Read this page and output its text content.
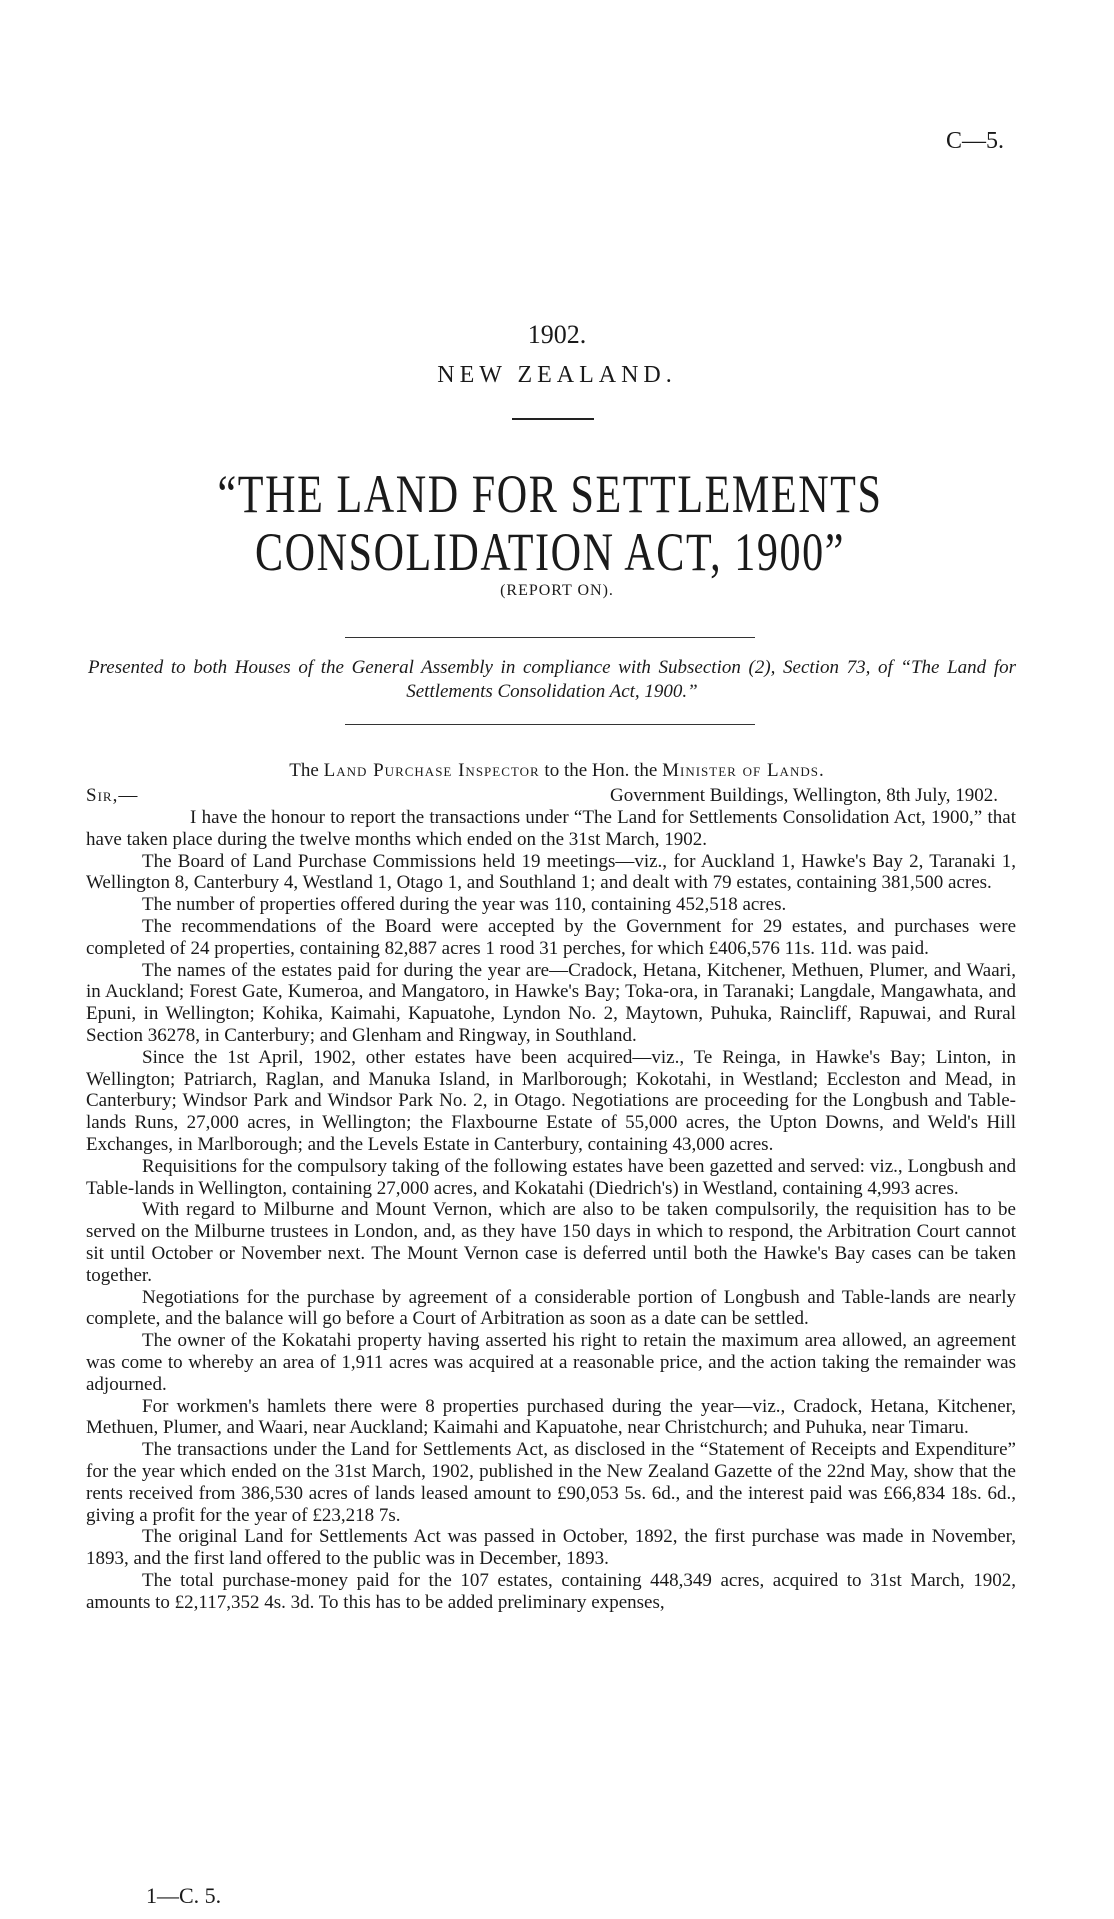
C—5.
1902.
NEW ZEALAND.
“THE LAND FOR SETTLEMENTS CONSOLIDATION ACT, 1900”
(REPORT ON).
Presented to both Houses of the General Assembly in compliance with Subsection (2), Section 73, of “The Land for Settlements Consolidation Act, 1900.”
The Land Purchase Inspector to the Hon. the Minister of Lands.
Sir,—	Government Buildings, Wellington, 8th July, 1902.

I have the honour to report the transactions under “The Land for Settlements Consolidation Act, 1900,” that have taken place during the twelve months which ended on the 31st March, 1902.

The Board of Land Purchase Commissions held 19 meetings—viz., for Auckland 1, Hawke's Bay 2, Taranaki 1, Wellington 8, Canterbury 4, Westland 1, Otago 1, and Southland 1; and dealt with 79 estates, containing 381,500 acres.

The number of properties offered during the year was 110, containing 452,518 acres.

The recommendations of the Board were accepted by the Government for 29 estates, and purchases were completed of 24 properties, containing 82,887 acres 1 rood 31 perches, for which £406,576 11s. 11d. was paid.

The names of the estates paid for during the year are—Cradock, Hetana, Kitchener, Methuen, Plumer, and Waari, in Auckland; Forest Gate, Kumeroa, and Mangatoro, in Hawke's Bay; Toka-ora, in Taranaki; Langdale, Mangawhata, and Epuni, in Wellington; Kohika, Kaimahi, Kapuatohe, Lyndon No. 2, Maytown, Puhuka, Raincliff, Rapuwai, and Rural Section 36278, in Canterbury; and Glenham and Ringway, in Southland.

Since the 1st April, 1902, other estates have been acquired—viz., Te Reinga, in Hawke's Bay; Linton, in Wellington; Patriarch, Raglan, and Manuka Island, in Marlborough; Kokotahi, in Westland; Eccleston and Mead, in Canterbury; Windsor Park and Windsor Park No. 2, in Otago. Negotiations are proceeding for the Longbush and Table-lands Runs, 27,000 acres, in Wellington; the Flaxbourne Estate of 55,000 acres, the Upton Downs, and Weld's Hill Exchanges, in Marlborough; and the Levels Estate in Canterbury, containing 43,000 acres.

Requisitions for the compulsory taking of the following estates have been gazetted and served: viz., Longbush and Table-lands in Wellington, containing 27,000 acres, and Kokatahi (Diedrich's) in Westland, containing 4,993 acres.

With regard to Milburne and Mount Vernon, which are also to be taken compulsorily, the requisition has to be served on the Milburne trustees in London, and, as they have 150 days in which to respond, the Arbitration Court cannot sit until October or November next. The Mount Vernon case is deferred until both the Hawke's Bay cases can be taken together.

Negotiations for the purchase by agreement of a considerable portion of Longbush and Table-lands are nearly complete, and the balance will go before a Court of Arbitration as soon as a date can be settled.

The owner of the Kokatahi property having asserted his right to retain the maximum area allowed, an agreement was come to whereby an area of 1,911 acres was acquired at a reasonable price, and the action taking the remainder was adjourned.

For workmen's hamlets there were 8 properties purchased during the year—viz., Cradock, Hetana, Kitchener, Methuen, Plumer, and Waari, near Auckland; Kaimahi and Kapuatohe, near Christchurch; and Puhuka, near Timaru.

The transactions under the Land for Settlements Act, as disclosed in the “Statement of Receipts and Expenditure” for the year which ended on the 31st March, 1902, published in the New Zealand Gazette of the 22nd May, show that the rents received from 386,530 acres of lands leased amount to £90,053 5s. 6d., and the interest paid was £66,834 18s. 6d., giving a profit for the year of £23,218 7s.

The original Land for Settlements Act was passed in October, 1892, the first purchase was made in November, 1893, and the first land offered to the public was in December, 1893.

The total purchase-money paid for the 107 estates, containing 448,349 acres, acquired to 31st March, 1902, amounts to £2,117,352 4s. 3d. To this has to be added preliminary expenses,

1—C. 5.
